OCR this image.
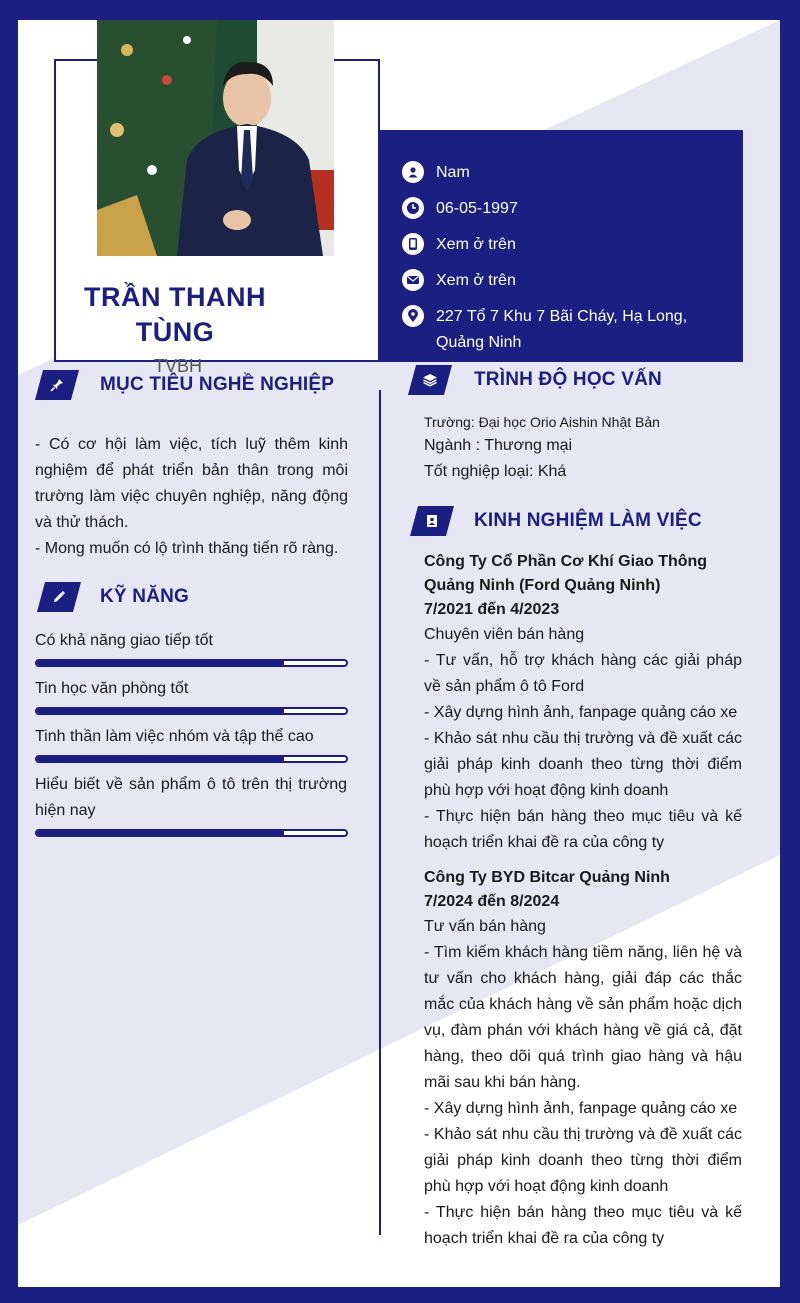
TRẦN THANH
TÙNG
TVBH
Nam
06-05-1997
Xem ở trên
Xem ở trên
227 Tổ 7 Khu 7 Bãi Cháy, Hạ Long, Quảng Ninh
MỤC TIÊU NGHỀ NGHIỆP

- Có cơ hội làm việc, tích luỹ thêm kinh nghiệm để phát triển bản thân trong môi trường làm việc chuyên nghiệp, năng động và thử thách.

- Mong muốn có lộ trình thăng tiến rõ ràng.

KỸ NĂNG
Có khả năng giao tiếp tốt
Tin học văn phòng tốt
Tinh thần làm việc nhóm và tập thể cao
Hiểu biết về sản phẩm ô tô trên thị trường hiện nay
TRÌNH ĐỘ HỌC VẤN
Trường: Đại học Orio Aishin Nhật Bản
Ngành : Thương mại
Tốt nghiệp loại: Khá
KINH NGHIỆM LÀM VIỆC
Công Ty Cổ Phần Cơ Khí Giao Thông Quảng Ninh (Ford Quảng Ninh)
7/2021 đến 4/2023
Chuyên viên bán hàng

- Tư vấn, hỗ trợ khách hàng các giải pháp về sản phẩm ô tô Ford

- Xây dựng hình ảnh, fanpage quảng cáo xe

- Khảo sát nhu cầu thị trường và đề xuất các giải pháp kinh doanh theo từng thời điểm phù hợp với hoạt động kinh doanh

- Thực hiện bán hàng theo mục tiêu và kế hoạch triển khai đề ra của công ty

Công Ty BYD Bitcar Quảng Ninh
7/2024 đến 8/2024
Tư vấn bán hàng

- Tìm kiếm khách hàng tiềm năng, liên hệ và tư vấn cho khách hàng, giải đáp các thắc mắc của khách hàng về sản phẩm hoặc dịch vụ, đàm phán với khách hàng về giá cả, đặt hàng, theo dõi quá trình giao hàng và hậu mãi sau khi bán hàng.

- Xây dựng hình ảnh, fanpage quảng cáo xe

- Khảo sát nhu cầu thị trường và đề xuất các giải pháp kinh doanh theo từng thời điểm phù hợp với hoạt động kinh doanh

- Thực hiện bán hàng theo mục tiêu và kế hoạch triển khai đề ra của công ty
